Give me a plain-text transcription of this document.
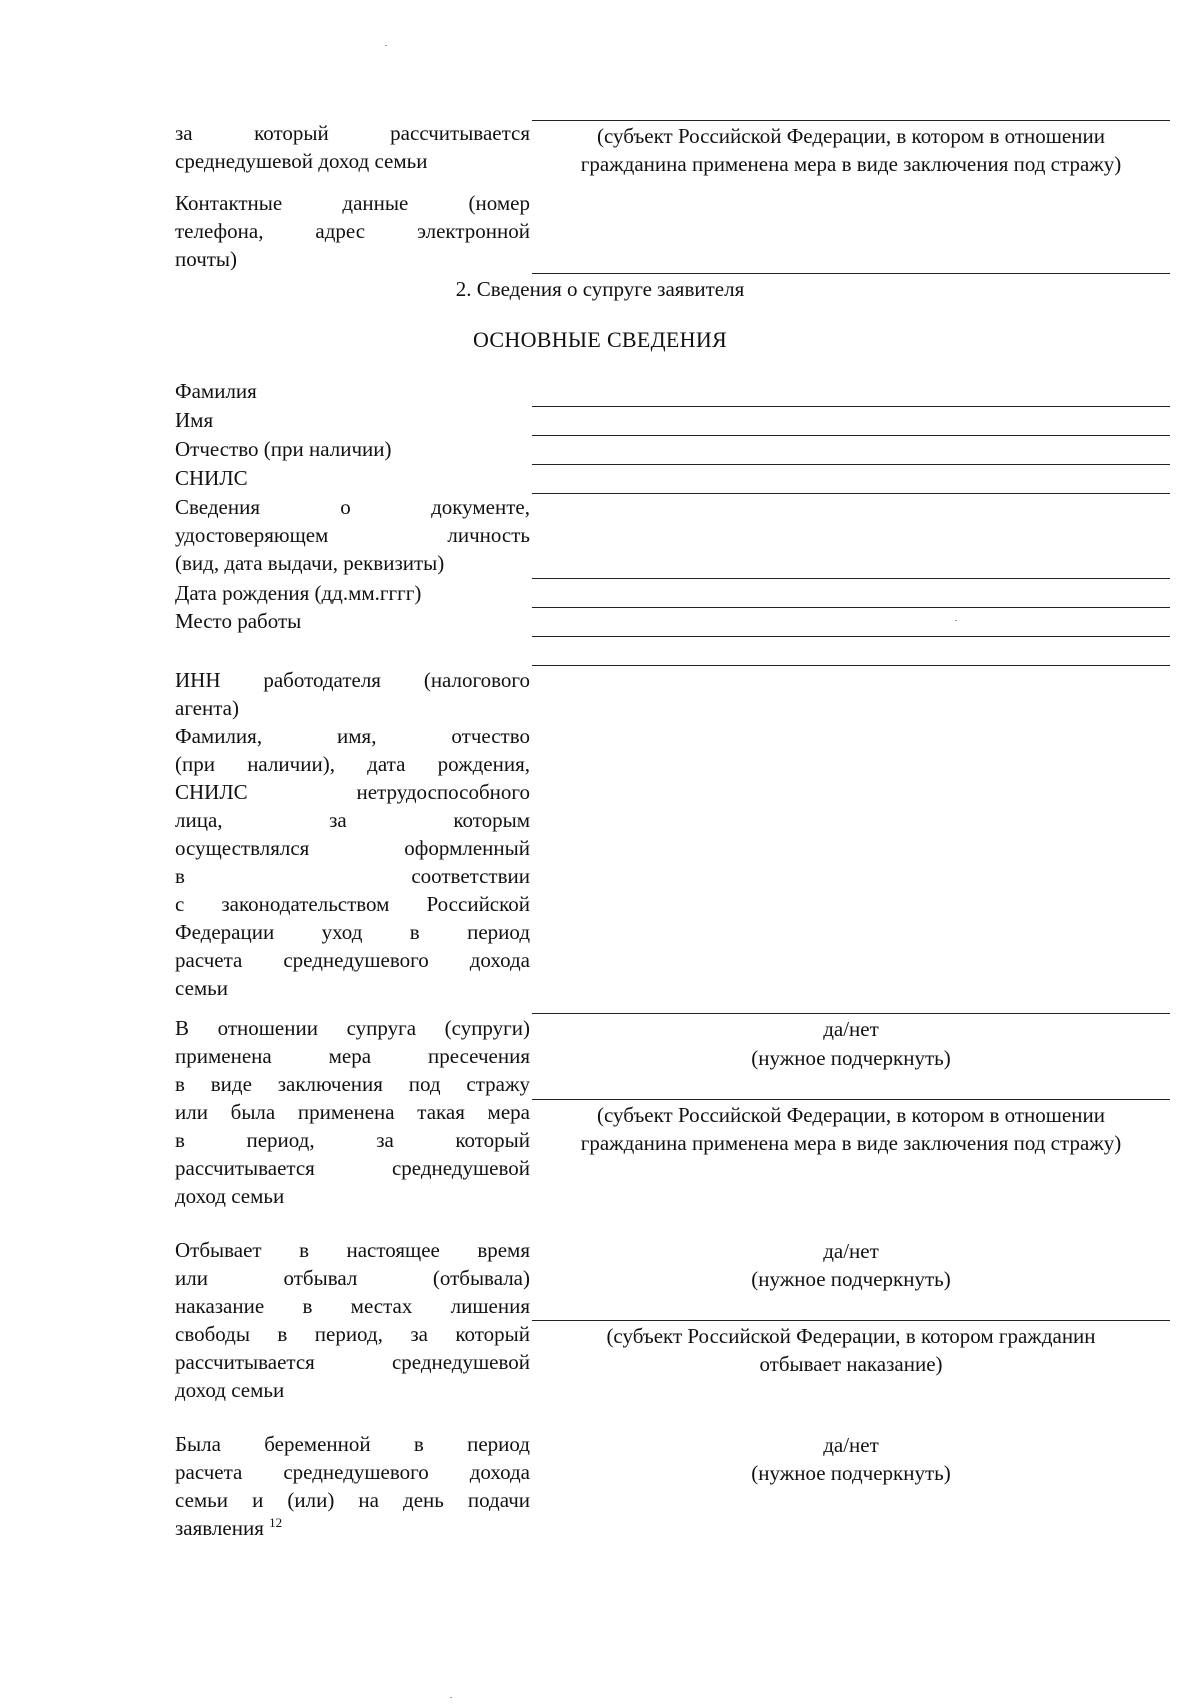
за который рассчитывается
среднедушевой доход семьи
(субъект Российской Федерации, в котором в отношении
гражданина применена мера в виде заключения под стражу)
Контактные данные (номер
телефона, адрес электронной
почты)
2. Сведения о супруге заявителя
ОСНОВНЫЕ СВЕДЕНИЯ
Фамилия
Имя
Отчество (при наличии)
СНИЛС
Сведения о документе,
удостоверяющем личность
(вид, дата выдачи, реквизиты)
Дата рождения (дд.мм.гггг)
Место работы
ИНН работодателя (налогового
агента)
Фамилия, имя, отчество
(при наличии), дата рождения,
СНИЛС нетрудоспособного
лица, за которым
осуществлялся оформленный
в соответствии
с законодательством Российской
Федерации уход в период
расчета среднедушевого дохода
семьи
В отношении супруга (супруги)
применена мера пресечения
в виде заключения под стражу
или была применена такая мера
в период, за который
рассчитывается среднедушевой
доход семьи
да/нет
(нужное подчеркнуть)
(субъект Российской Федерации, в котором в отношении
гражданина применена мера в виде заключения под стражу)
Отбывает в настоящее время
или отбывал (отбывала)
наказание в местах лишения
свободы в период, за который
рассчитывается среднедушевой
доход семьи
да/нет
(нужное подчеркнуть)
(субъект Российской Федерации, в котором гражданин
отбывает наказание)
Была беременной в период
расчета среднедушевого дохода
семьи и (или) на день подачи
заявления $^{12}$
да/нет
(нужное подчеркнуть)
